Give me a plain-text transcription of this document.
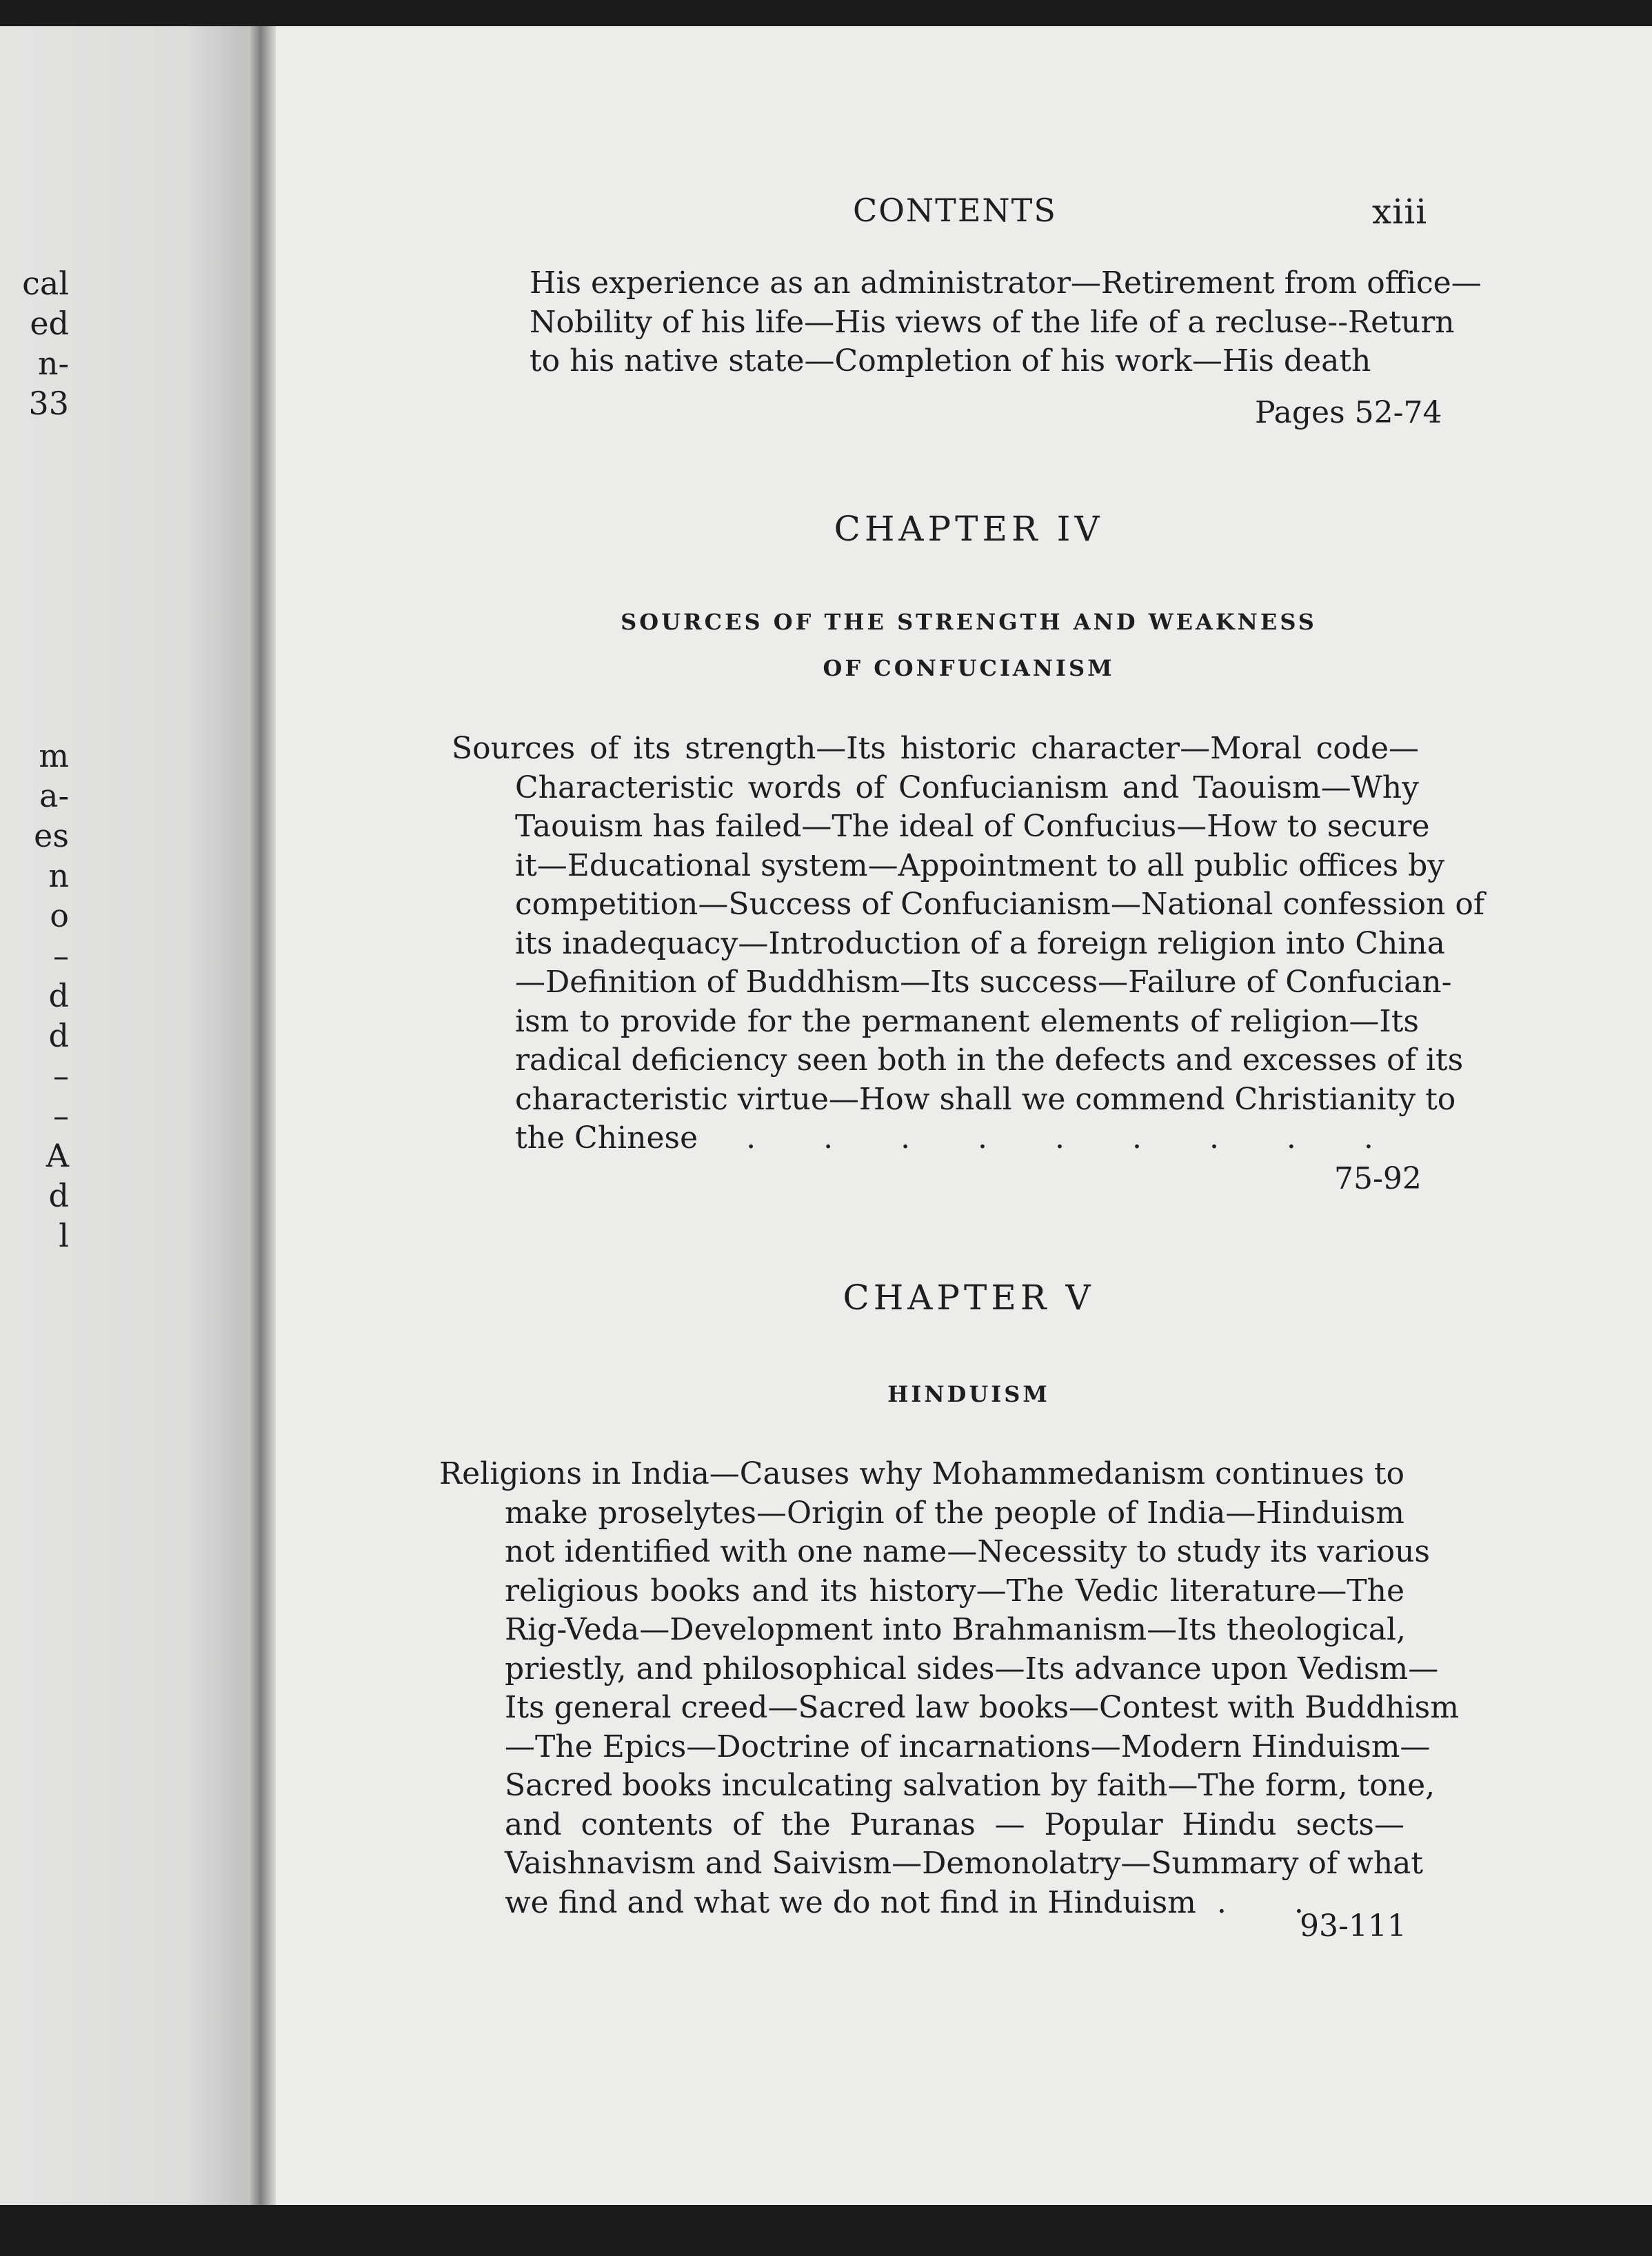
cal
ed
n-
33
m
a-
es
n
o
–
d
d
–
–
A
d
l
CONTENTS	xiii
His experience as an administrator—Retirement from office—
Nobility of his life—His views of the life of a recluse--Return
to his native state—Completion of his work—His death
Pages 52-74
CHAPTER IV
SOURCES OF THE STRENGTH AND WEAKNESS
OF CONFUCIANISM
Sources of its strength—Its historic character—Moral code—
Characteristic words of Confucianism and Taouism—Why
Taouism has failed—The ideal of Confucius—How to secure
it—Educational system—Appointment to all public offices by
competition—Success of Confucianism—National confession of
its inadequacy—Introduction of a foreign religion into China
—Definition of Buddhism—Its success—Failure of Confucian-
ism to provide for the permanent elements of religion—Its
radical deficiency seen both in the defects and excesses of its
characteristic virtue—How shall we commend Christianity to
the Chinese . . . . . . . . .
75-92
CHAPTER V
HINDUISM
Religions in India—Causes why Mohammedanism continues to
make proselytes—Origin of the people of India—Hinduism
not identified with one name—Necessity to study its various
religious books and its history—The Vedic literature—The
Rig-Veda—Development into Brahmanism—Its theological,
priestly, and philosophical sides—Its advance upon Vedism—
Its general creed—Sacred law books—Contest with Buddhism
—The Epics—Doctrine of incarnations—Modern Hinduism—
Sacred books inculcating salvation by faith—The form, tone,
and contents of the Puranas — Popular Hindu sects—
Vaishnavism and Saivism—Demonolatry—Summary of what
we find and what we do not find in Hinduism . .
93-111
